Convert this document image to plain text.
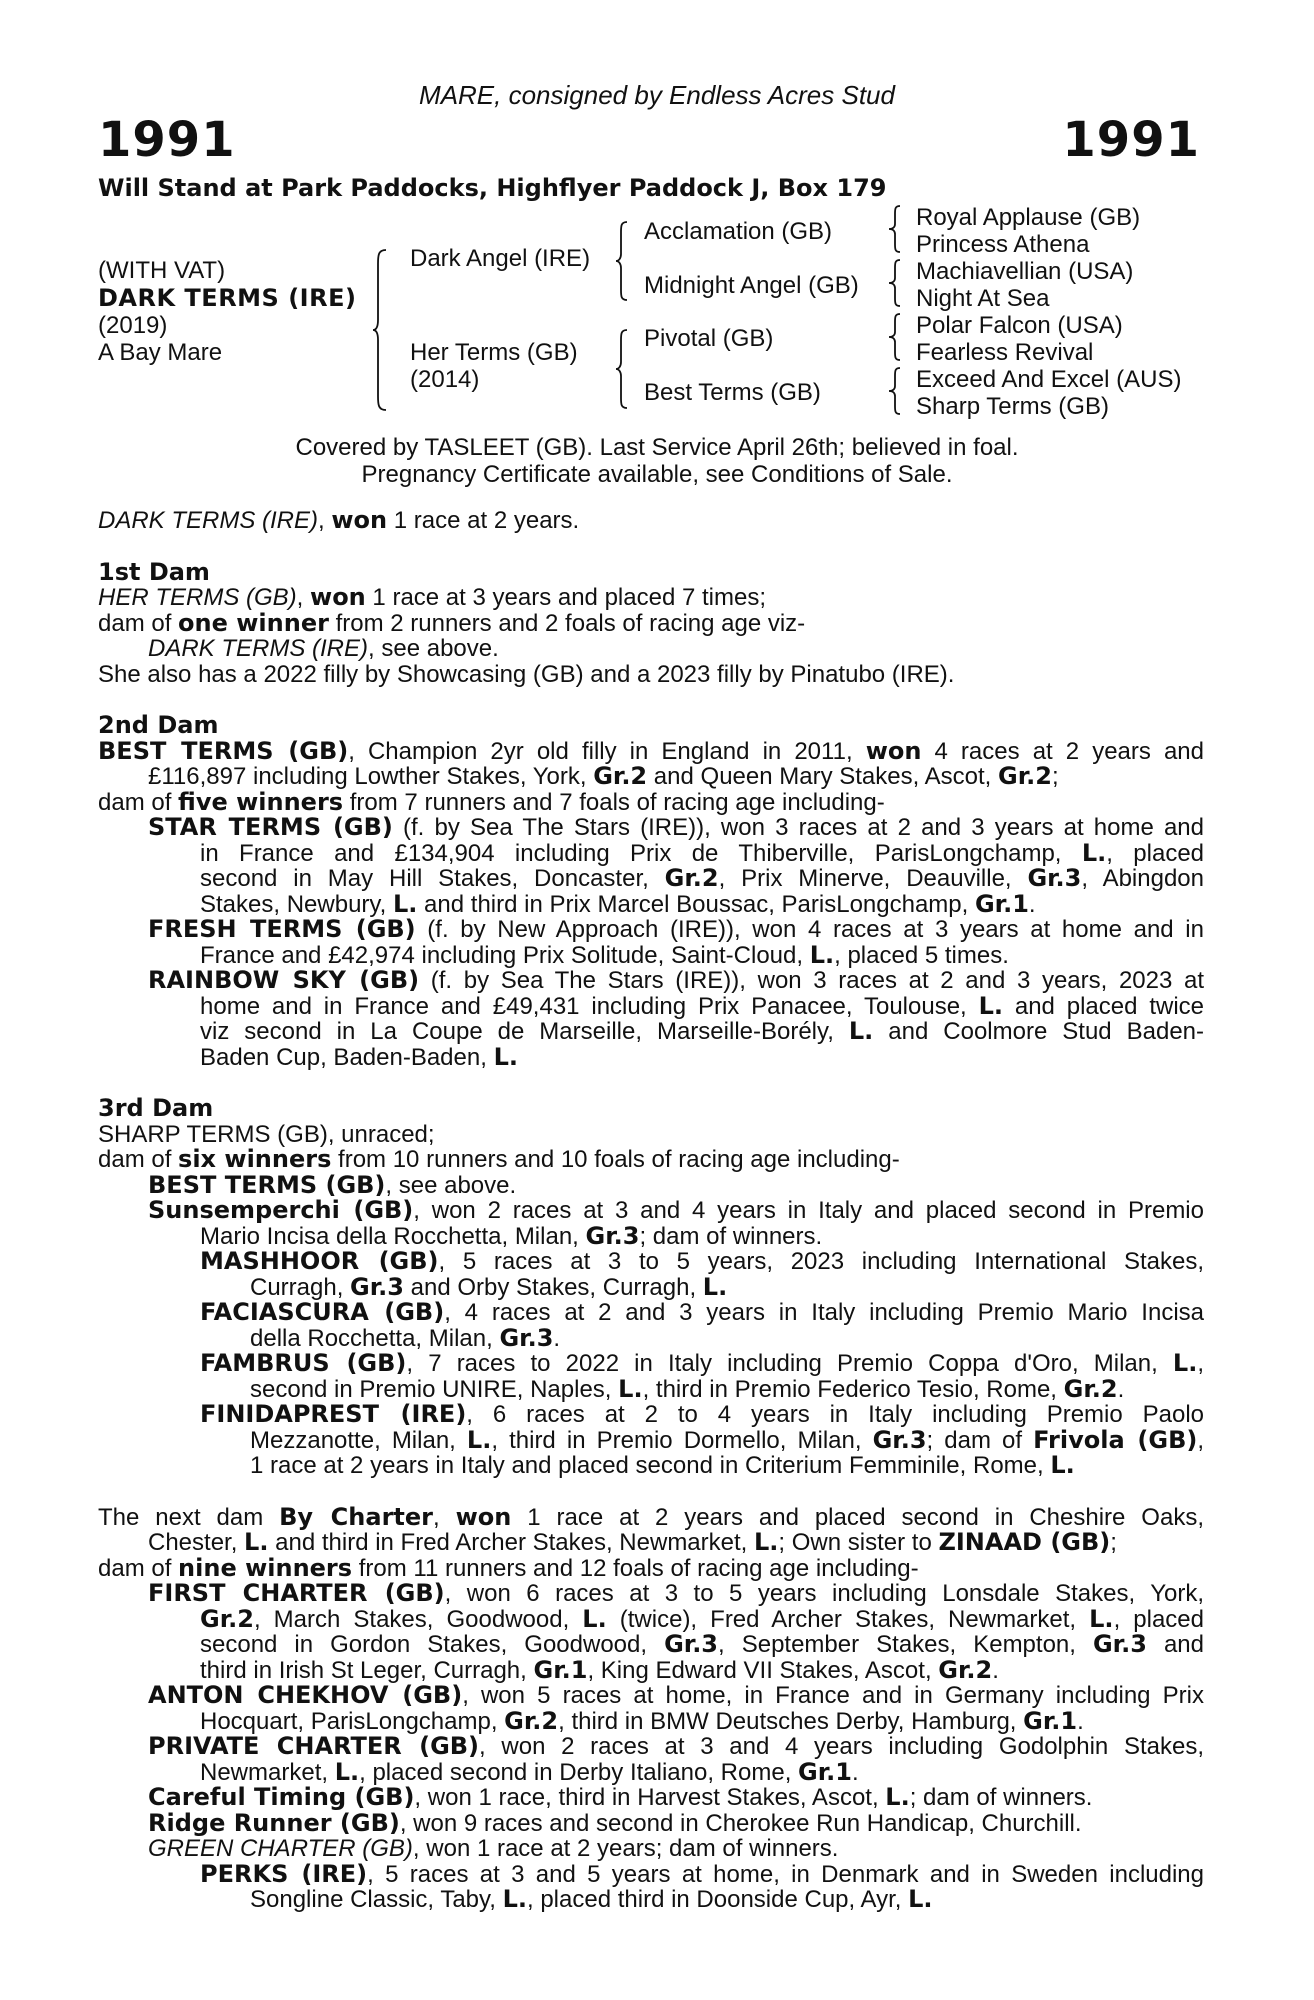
MARE, consigned by Endless Acres Stud
1991	1991
Will Stand at Park Paddocks, Highflyer Paddock J, Box 179
(WITH VAT)
DARK TERMS (IRE)
(2019)
A Bay Mare
Dark Angel (IRE)
Her Terms (GB)
(2014)
Acclamation (GB)
Midnight Angel (GB)
Pivotal (GB)
Best Terms (GB)
Royal Applause (GB)
Princess Athena
Machiavellian (USA)
Night At Sea
Polar Falcon (USA)
Fearless Revival
Exceed And Excel (AUS)
Sharp Terms (GB)
Covered by TASLEET (GB). Last Service April 26th; believed in foal.
Pregnancy Certificate available, see Conditions of Sale.
DARK TERMS (IRE), won 1 race at 2 years.
1st Dam
HER TERMS (GB), won 1 race at 3 years and placed 7 times;
dam of one winner from 2 runners and 2 foals of racing age viz-
DARK TERMS (IRE), see above.
She also has a 2022 filly by Showcasing (GB) and a 2023 filly by Pinatubo (IRE).
2nd Dam
BEST TERMS (GB), Champion 2yr old filly in England in 2011, won 4 races at 2 years and
£116,897 including Lowther Stakes, York, Gr.2 and Queen Mary Stakes, Ascot, Gr.2;
dam of five winners from 7 runners and 7 foals of racing age including-
STAR TERMS (GB) (f. by Sea The Stars (IRE)), won 3 races at 2 and 3 years at home and
in France and £134,904 including Prix de Thiberville, ParisLongchamp, L., placed
second in May Hill Stakes, Doncaster, Gr.2, Prix Minerve, Deauville, Gr.3, Abingdon
Stakes, Newbury, L. and third in Prix Marcel Boussac, ParisLongchamp, Gr.1.
FRESH TERMS (GB) (f. by New Approach (IRE)), won 4 races at 3 years at home and in
France and £42,974 including Prix Solitude, Saint-Cloud, L., placed 5 times.
RAINBOW SKY (GB) (f. by Sea The Stars (IRE)), won 3 races at 2 and 3 years, 2023 at
home and in France and £49,431 including Prix Panacee, Toulouse, L. and placed twice
viz second in La Coupe de Marseille, Marseille-Borély, L. and Coolmore Stud Baden-
Baden Cup, Baden-Baden, L.
3rd Dam
SHARP TERMS (GB), unraced;
dam of six winners from 10 runners and 10 foals of racing age including-
BEST TERMS (GB), see above.
Sunsemperchi (GB), won 2 races at 3 and 4 years in Italy and placed second in Premio
Mario Incisa della Rocchetta, Milan, Gr.3; dam of winners.
MASHHOOR (GB), 5 races at 3 to 5 years, 2023 including International Stakes,
Curragh, Gr.3 and Orby Stakes, Curragh, L.
FACIASCURA (GB), 4 races at 2 and 3 years in Italy including Premio Mario Incisa
della Rocchetta, Milan, Gr.3.
FAMBRUS (GB), 7 races to 2022 in Italy including Premio Coppa d'Oro, Milan, L.,
second in Premio UNIRE, Naples, L., third in Premio Federico Tesio, Rome, Gr.2.
FINIDAPREST (IRE), 6 races at 2 to 4 years in Italy including Premio Paolo
Mezzanotte, Milan, L., third in Premio Dormello, Milan, Gr.3; dam of Frivola (GB),
1 race at 2 years in Italy and placed second in Criterium Femminile, Rome, L.
The next dam By Charter, won 1 race at 2 years and placed second in Cheshire Oaks,
Chester, L. and third in Fred Archer Stakes, Newmarket, L.; Own sister to ZINAAD (GB);
dam of nine winners from 11 runners and 12 foals of racing age including-
FIRST CHARTER (GB), won 6 races at 3 to 5 years including Lonsdale Stakes, York,
Gr.2, March Stakes, Goodwood, L. (twice), Fred Archer Stakes, Newmarket, L., placed
second in Gordon Stakes, Goodwood, Gr.3, September Stakes, Kempton, Gr.3 and
third in Irish St Leger, Curragh, Gr.1, King Edward VII Stakes, Ascot, Gr.2.
ANTON CHEKHOV (GB), won 5 races at home, in France and in Germany including Prix
Hocquart, ParisLongchamp, Gr.2, third in BMW Deutsches Derby, Hamburg, Gr.1.
PRIVATE CHARTER (GB), won 2 races at 3 and 4 years including Godolphin Stakes,
Newmarket, L., placed second in Derby Italiano, Rome, Gr.1.
Careful Timing (GB), won 1 race, third in Harvest Stakes, Ascot, L.; dam of winners.
Ridge Runner (GB), won 9 races and second in Cherokee Run Handicap, Churchill.
GREEN CHARTER (GB), won 1 race at 2 years; dam of winners.
PERKS (IRE), 5 races at 3 and 5 years at home, in Denmark and in Sweden including
Songline Classic, Taby, L., placed third in Doonside Cup, Ayr, L.
